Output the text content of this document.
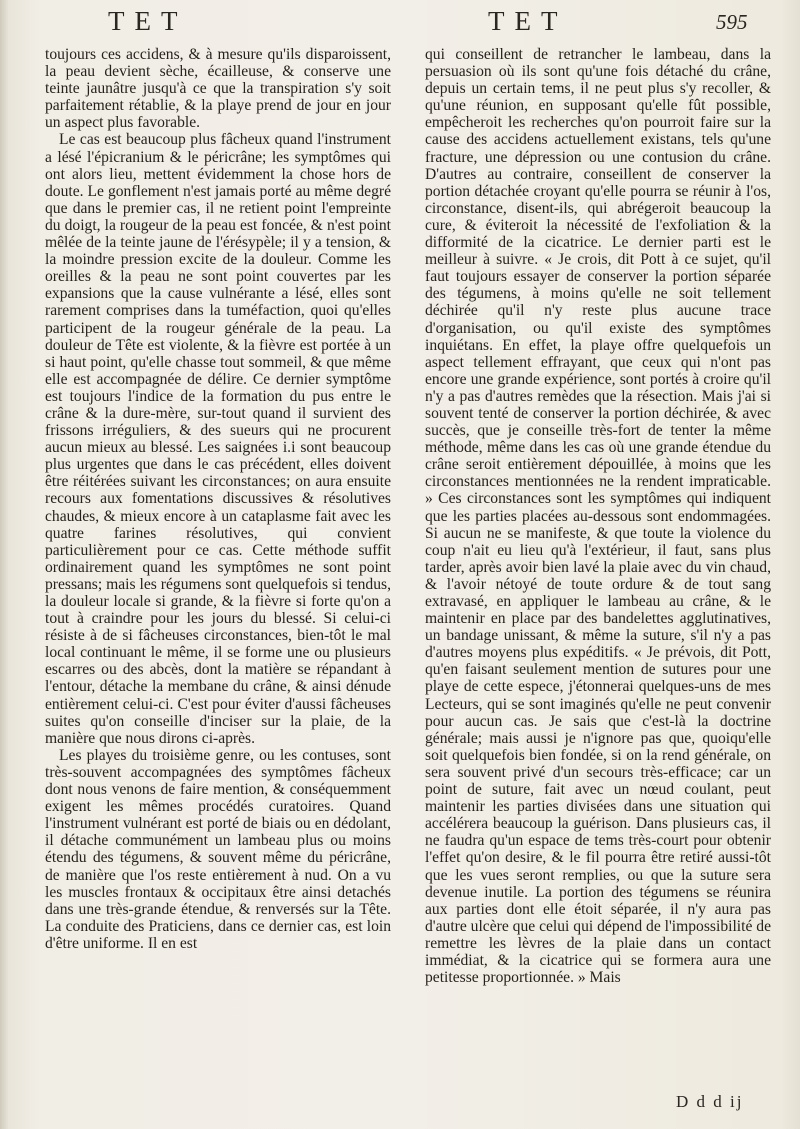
TET	TET	595

toujours ces accidens, & à mesure qu'ils disparoissent, la peau devient sèche, écailleuse, & conserve une teinte jaunâtre jusqu'à ce que la transpiration s'y soit parfaitement rétablie, & la playe prend de jour en jour un aspect plus favorable.

Le cas est beaucoup plus fâcheux quand l'instrument a lésé l'épicranium & le péricrâne; les symptômes qui ont alors lieu, mettent évidemment la chose hors de doute. Le gonflement n'est jamais porté au même degré que dans le premier cas, il ne retient point l'empreinte du doigt, la rougeur de la peau est foncée, & n'est point mêlée de la teinte jaune de l'érésypèle; il y a tension, & la moindre pression excite de la douleur. Comme les oreilles & la peau ne sont point couvertes par les expansions que la cause vulnérante a lésé, elles sont rarement comprises dans la tuméfaction, quoi qu'elles participent de la rougeur générale de la peau. La douleur de Tête est violente, & la fièvre est portée à un si haut point, qu'elle chasse tout sommeil, & que même elle est accompagnée de délire. Ce dernier symptôme est toujours l'indice de la formation du pus entre le crâne & la dure-mère, sur-tout quand il survient des frissons irréguliers, & des sueurs qui ne procurent aucun mieux au blessé. Les saignées i.i sont beaucoup plus urgentes que dans le cas précédent, elles doivent être réitérées suivant les circonstances; on aura ensuite recours aux fomentations discussives & résolutives chaudes, & mieux encore à un cataplasme fait avec les quatre farines résolutives, qui convient particulièrement pour ce cas. Cette méthode suffit ordinairement quand les symptômes ne sont point pressans; mais les régumens sont quelquefois si tendus, la douleur locale si grande, & la fièvre si forte qu'on a tout à craindre pour les jours du blessé. Si celui-ci résiste à de si fâcheuses circonstances, bien-tôt le mal local continuant le même, il se forme une ou plusieurs escarres ou des abcès, dont la matière se répandant à l'entour, détache la membane du crâne, & ainsi dénude entièrement celui-ci. C'est pour éviter d'aussi fâcheuses suites qu'on conseille d'inciser sur la plaie, de la manière que nous dirons ci-après.

Les playes du troisième genre, ou les contuses, sont très-souvent accompagnées des symptômes fâcheux dont nous venons de faire mention, & conséquemment exigent les mêmes procédés curatoires. Quand l'instrument vulnérant est porté de biais ou en dédolant, il détache communément un lambeau plus ou moins étendu des tégumens, & souvent même du péricrâne, de manière que l'os reste entièrement à nud. On a vu les muscles frontaux & occipitaux être ainsi detachés dans une très-grande étendue, & renversés sur la Tête. La conduite des Praticiens, dans ce dernier cas, est loin d'être uniforme. Il en est

qui conseillent de retrancher le lambeau, dans la persuasion où ils sont qu'une fois détaché du crâne, depuis un certain tems, il ne peut plus s'y recoller, & qu'une réunion, en supposant qu'elle fût possible, empêcheroit les recherches qu'on pourroit faire sur la cause des accidens actuellement existans, tels qu'une fracture, une dépression ou une contusion du crâne. D'autres au contraire, conseillent de conserver la portion détachée croyant qu'elle pourra se réunir à l'os, circonstance, disent-ils, qui abrégeroit beaucoup la cure, & éviteroit la nécessité de l'exfoliation & la difformité de la cicatrice. Le dernier parti est le meilleur à suivre. « Je crois, dit Pott à ce sujet, qu'il faut toujours essayer de conserver la portion séparée des tégumens, à moins qu'elle ne soit tellement déchirée qu'il n'y reste plus aucune trace d'organisation, ou qu'il existe des symptômes inquiétans. En effet, la playe offre quelquefois un aspect tellement effrayant, que ceux qui n'ont pas encore une grande expérience, sont portés à croire qu'il n'y a pas d'autres remèdes que la résection. Mais j'ai si souvent tenté de conserver la portion déchirée, & avec succès, que je conseille très-fort de tenter la même méthode, même dans les cas où une grande étendue du crâne seroit entièrement dépouillée, à moins que les circonstances mentionnées ne la rendent impraticable. » Ces circonstances sont les symptômes qui indiquent que les parties placées au-dessous sont endommagées. Si aucun ne se manifeste, & que toute la violence du coup n'ait eu lieu qu'à l'extérieur, il faut, sans plus tarder, après avoir bien lavé la plaie avec du vin chaud, & l'avoir nétoyé de toute ordure & de tout sang extravasé, en appliquer le lambeau au crâne, & le maintenir en place par des bandelettes agglutinatives, un bandage unissant, & même la suture, s'il n'y a pas d'autres moyens plus expéditifs. « Je prévois, dit Pott, qu'en faisant seulement mention de sutures pour une playe de cette espece, j'étonnerai quelques-uns de mes Lecteurs, qui se sont imaginés qu'elle ne peut convenir pour aucun cas. Je sais que c'est-là la doctrine générale; mais aussi je n'ignore pas que, quoiqu'elle soit quelquefois bien fondée, si on la rend générale, on sera souvent privé d'un secours très-efficace; car un point de suture, fait avec un nœud coulant, peut maintenir les parties divisées dans une situation qui accélérera beaucoup la guérison. Dans plusieurs cas, il ne faudra qu'un espace de tems très-court pour obtenir l'effet qu'on desire, & le fil pourra être retiré aussi-tôt que les vues seront remplies, ou que la suture sera devenue inutile. La portion des tégumens se réunira aux parties dont elle étoit séparée, il n'y aura pas d'autre ulcère que celui qui dépend de l'impossibilité de remettre les lèvres de la plaie dans un contact immédiat, & la cicatrice qui se formera aura une petitesse proportionnée. » Mais

D d d ij
